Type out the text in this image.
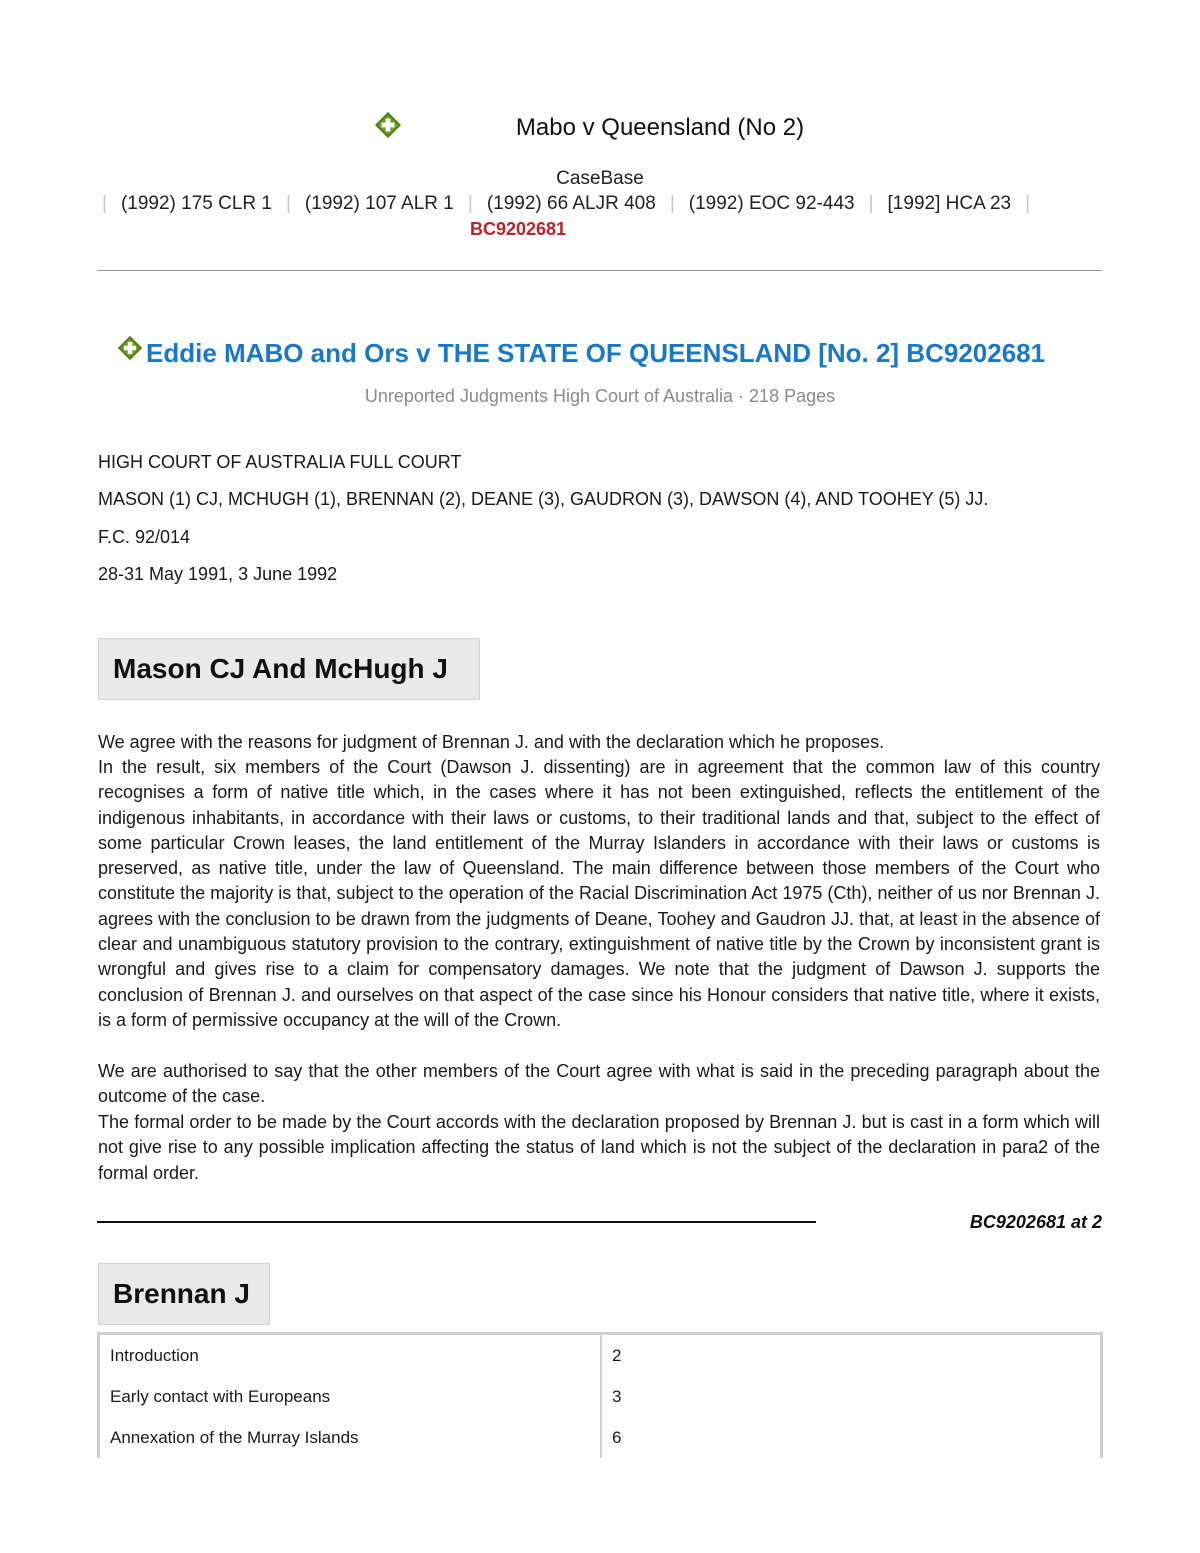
Mabo v Queensland (No 2)
CaseBase
| (1992) 175 CLR 1 | (1992) 107 ALR 1 | (1992) 66 ALJR 408 | (1992) EOC 92-443 | [1992] HCA 23 |
BC9202681
Eddie MABO and Ors v THE STATE OF QUEENSLAND [No. 2] BC9202681
Unreported Judgments High Court of Australia · 218 Pages
HIGH COURT OF AUSTRALIA FULL COURT
MASON (1) CJ, MCHUGH (1), BRENNAN (2), DEANE (3), GAUDRON (3), DAWSON (4), AND TOOHEY (5) JJ.
F.C. 92/014
28-31 May 1991, 3 June 1992
Mason CJ And McHugh J
We agree with the reasons for judgment of Brennan J. and with the declaration which he proposes.
In the result, six members of the Court (Dawson J. dissenting) are in agreement that the common law of this country recognises a form of native title which, in the cases where it has not been extinguished, reflects the entitlement of the indigenous inhabitants, in accordance with their laws or customs, to their traditional lands and that, subject to the effect of some particular Crown leases, the land entitlement of the Murray Islanders in accordance with their laws or customs is preserved, as native title, under the law of Queensland. The main difference between those members of the Court who constitute the majority is that, subject to the operation of the Racial Discrimination Act 1975 (Cth), neither of us nor Brennan J. agrees with the conclusion to be drawn from the judgments of Deane, Toohey and Gaudron JJ. that, at least in the absence of clear and unambiguous statutory provision to the contrary, extinguishment of native title by the Crown by inconsistent grant is wrongful and gives rise to a claim for compensatory damages. We note that the judgment of Dawson J. supports the conclusion of Brennan J. and ourselves on that aspect of the case since his Honour considers that native title, where it exists, is a form of permissive occupancy at the will of the Crown.
We are authorised to say that the other members of the Court agree with what is said in the preceding paragraph about the outcome of the case.
The formal order to be made by the Court accords with the declaration proposed by Brennan J. but is cast in a form which will not give rise to any possible implication affecting the status of land which is not the subject of the declaration in para2 of the formal order.
BC9202681 at 2
Brennan J
Introduction	2
Early contact with Europeans	3
Annexation of the Murray Islands	6
